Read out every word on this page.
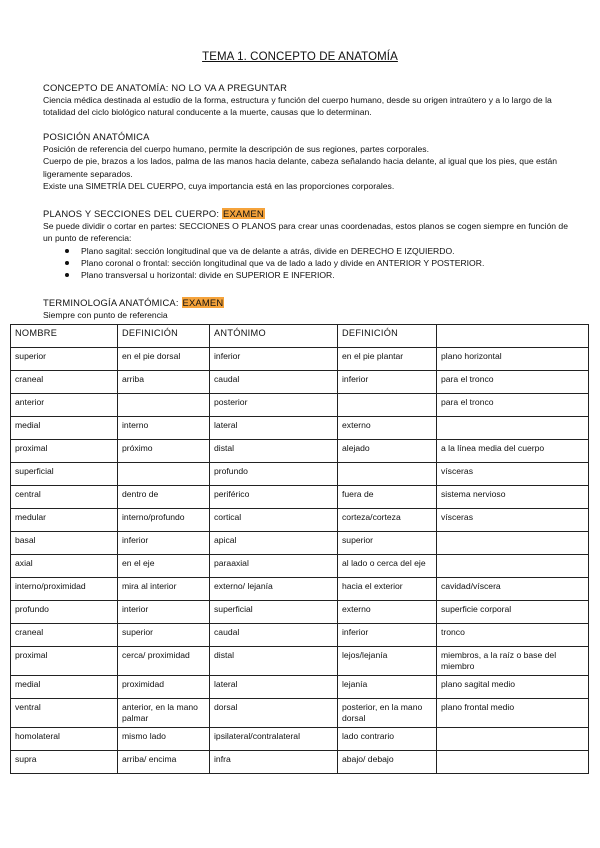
TEMA 1. CONCEPTO DE ANATOMÍA
CONCEPTO DE ANATOMÍA: NO LO VA A PREGUNTAR
Ciencia médica destinada al estudio de la forma, estructura y función del cuerpo humano, desde su origen intraútero y a lo largo de la totalidad del ciclo biológico natural conducente a la muerte, causas que lo determinan.
POSICIÓN ANATÓMICA
Posición de referencia del cuerpo humano, permite la descripción de sus regiones, partes corporales.
Cuerpo de pie, brazos a los lados, palma de las manos hacia delante, cabeza señalando hacia delante, al igual que los pies, que están ligeramente separados.
Existe una SIMETRÍA DEL CUERPO, cuya importancia está en las proporciones corporales.
PLANOS Y SECCIONES DEL CUERPO: EXAMEN
Se puede dividir o cortar en partes: SECCIONES O PLANOS para crear unas coordenadas, estos planos se cogen siempre en función de un punto de referencia:
Plano sagital: sección longitudinal que va de delante a atrás, divide en DERECHO E IZQUIERDO.
Plano coronal o frontal: sección longitudinal que va de lado a lado y divide en ANTERIOR Y POSTERIOR.
Plano transversal u horizontal: divide en SUPERIOR E INFERIOR.
TERMINOLOGÍA ANATÓMICA: EXAMEN
Siempre con punto de referencia
NOMBRE	DEFINICIÓN	ANTÓNIMO	DEFINICIÓN	
superior	en el pie dorsal	inferior	en el pie plantar	plano horizontal
craneal	arriba	caudal	inferior	para el tronco
anterior		posterior		para el tronco
medial	interno	lateral	externo	
proximal	próximo	distal	alejado	a la línea media del cuerpo
superficial		profundo		vísceras
central	dentro de	periférico	fuera de	sistema nervioso
medular	interno/profundo	cortical	corteza/corteza	vísceras
basal	inferior	apical	superior	
axial	en el eje	paraaxial	al lado o cerca del eje	
interno/proximidad	mira al interior	externo/ lejanía	hacia el exterior	cavidad/víscera
profundo	interior	superficial	externo	superficie corporal
craneal	superior	caudal	inferior	tronco
proximal	cerca/ proximidad	distal	lejos/lejanía	miembros, a la raíz o base del miembro
medial	proximidad	lateral	lejanía	plano sagital medio
ventral	anterior, en la mano palmar	dorsal	posterior, en la mano dorsal	plano frontal medio
homolateral	mismo lado	ipsilateral/contralateral	lado contrario	
supra	arriba/ encima	infra	abajo/ debajo	
